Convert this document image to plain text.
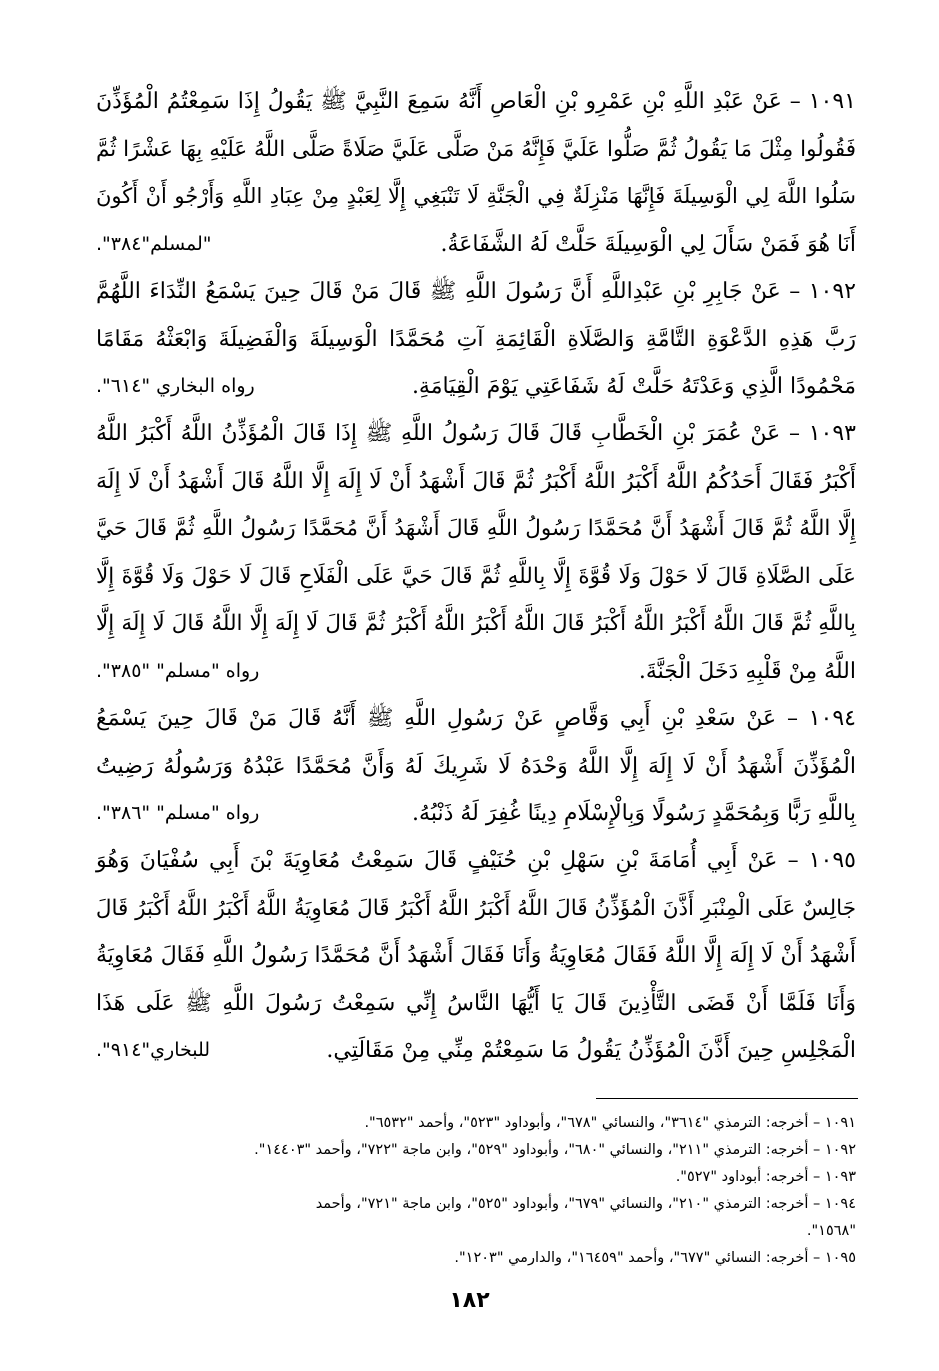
١٠٩١ – عَنْ عَبْدِ اللَّهِ بْنِ عَمْرِو بْنِ الْعَاصِ أَنَّهُ سَمِعَ النَّبِيَّ ﷺ يَقُولُ إِذَا سَمِعْتُمُ الْمُؤَذِّنَ
فَقُولُوا مِثْلَ مَا يَقُولُ ثُمَّ صَلُّوا عَلَيَّ فَإِنَّهُ مَنْ صَلَّى عَلَيَّ صَلَاةً صَلَّى اللَّهُ عَلَيْهِ بِهَا عَشْرًا ثُمَّ
سَلُوا اللَّهَ لِي الْوَسِيلَةَ فَإِنَّهَا مَنْزِلَةٌ فِي الْجَنَّةِ لَا تَنْبَغِي إِلَّا لِعَبْدٍ مِنْ عِبَادِ اللَّهِ وَأَرْجُو أَنْ أَكُونَ
أَنَا هُوَ فَمَنْ سَأَلَ لِي الْوَسِيلَةَ حَلَّتْ لَهُ الشَّفَاعَةُ.
"لمسلم"٣٨٤".
١٠٩٢ – عَنْ جَابِرِ بْنِ عَبْدِاللَّهِ أَنَّ رَسُولَ اللَّهِ ﷺ قَالَ مَنْ قَالَ حِينَ يَسْمَعُ النِّدَاءَ اللَّهُمَّ
رَبَّ هَذِهِ الدَّعْوَةِ التَّامَّةِ وَالصَّلَاةِ الْقَائِمَةِ آتِ مُحَمَّدًا الْوَسِيلَةَ وَالْفَضِيلَةَ وَابْعَثْهُ مَقَامًا
مَحْمُودًا الَّذِي وَعَدْتَهُ حَلَّتْ لَهُ شَفَاعَتِي يَوْمَ الْقِيَامَةِ.
رواه البخاري "٦١٤".
١٠٩٣ – عَنْ عُمَرَ بْنِ الْخَطَّابِ قَالَ قَالَ رَسُولُ اللَّهِ ﷺ إِذَا قَالَ الْمُؤَذِّنُ اللَّهُ أَكْبَرُ اللَّهُ
أَكْبَرُ فَقَالَ أَحَدُكُمُ اللَّهُ أَكْبَرُ اللَّهُ أَكْبَرُ ثُمَّ قَالَ أَشْهَدُ أَنْ لَا إِلَهَ إِلَّا اللَّهُ قَالَ أَشْهَدُ أَنْ لَا إِلَهَ
إِلَّا اللَّهُ ثُمَّ قَالَ أَشْهَدُ أَنَّ مُحَمَّدًا رَسُولُ اللَّهِ قَالَ أَشْهَدُ أَنَّ مُحَمَّدًا رَسُولُ اللَّهِ ثُمَّ قَالَ حَيَّ
عَلَى الصَّلَاةِ قَالَ لَا حَوْلَ وَلَا قُوَّةَ إِلَّا بِاللَّهِ ثُمَّ قَالَ حَيَّ عَلَى الْفَلَاحِ قَالَ لَا حَوْلَ وَلَا قُوَّةَ إِلَّا
بِاللَّهِ ثُمَّ قَالَ اللَّهُ أَكْبَرُ اللَّهُ أَكْبَرُ قَالَ اللَّهُ أَكْبَرُ اللَّهُ أَكْبَرُ ثُمَّ قَالَ لَا إِلَهَ إِلَّا اللَّهُ قَالَ لَا إِلَهَ إِلَّا
اللَّهُ مِنْ قَلْبِهِ دَخَلَ الْجَنَّةَ.
رواه "مسلم" "٣٨٥".
١٠٩٤ – عَنْ سَعْدِ بْنِ أَبِي وَقَّاصٍ عَنْ رَسُولِ اللَّهِ ﷺ أَنَّهُ قَالَ مَنْ قَالَ حِينَ يَسْمَعُ
الْمُؤَذِّنَ أَشْهَدُ أَنْ لَا إِلَهَ إِلَّا اللَّهُ وَحْدَهُ لَا شَرِيكَ لَهُ وَأَنَّ مُحَمَّدًا عَبْدُهُ وَرَسُولُهُ رَضِيتُ
بِاللَّهِ رَبًّا وَبِمُحَمَّدٍ رَسُولًا وَبِالْإِسْلَامِ دِينًا غُفِرَ لَهُ ذَنْبُهُ.
رواه "مسلم" "٣٨٦".
١٠٩٥ – عَنْ أَبِي أُمَامَةَ بْنِ سَهْلِ بْنِ حُنَيْفٍ قَالَ سَمِعْتُ مُعَاوِيَةَ بْنَ أَبِي سُفْيَانَ وَهُوَ
جَالِسٌ عَلَى الْمِنْبَرِ أَذَّنَ الْمُؤَذِّنُ قَالَ اللَّهُ أَكْبَرُ اللَّهُ أَكْبَرُ قَالَ مُعَاوِيَةُ اللَّهُ أَكْبَرُ اللَّهُ أَكْبَرُ قَالَ
أَشْهَدُ أَنْ لَا إِلَهَ إِلَّا اللَّهُ فَقَالَ مُعَاوِيَةُ وَأَنَا فَقَالَ أَشْهَدُ أَنَّ مُحَمَّدًا رَسُولُ اللَّهِ فَقَالَ مُعَاوِيَةُ
وَأَنَا فَلَمَّا أَنْ قَضَى التَّأْذِينَ قَالَ يَا أَيُّهَا النَّاسُ إِنِّي سَمِعْتُ رَسُولَ اللَّهِ ﷺ عَلَى هَذَا
الْمَجْلِسِ حِينَ أَذَّنَ الْمُؤَذِّنُ يَقُولُ مَا سَمِعْتُمْ مِنِّي مِنْ مَقَالَتِي.
للبخاري"٩١٤".
١٠٩١ – أخرجه: الترمذي "٣٦١٤"، والنسائي "٦٧٨"، وأبوداود "٥٢٣"، وأحمد "٦٥٣٢".
١٠٩٢ – أخرجه: الترمذي "٢١١"، والنسائي "٦٨٠"، وأبوداود "٥٢٩"، وابن ماجة "٧٢٢"، وأحمد "١٤٤٠٣".
١٠٩٣ – أخرجه: أبوداود "٥٢٧".
١٠٩٤ – أخرجه: الترمذي "٢١٠"، والنسائي "٦٧٩"، وأبوداود "٥٢٥"، وابن ماجة "٧٢١"، وأحمد
"١٥٦٨".
١٠٩٥ – أخرجه: النسائي "٦٧٧"، وأحمد "١٦٤٥٩"، والدارمي "١٢٠٣".
١٨٢
